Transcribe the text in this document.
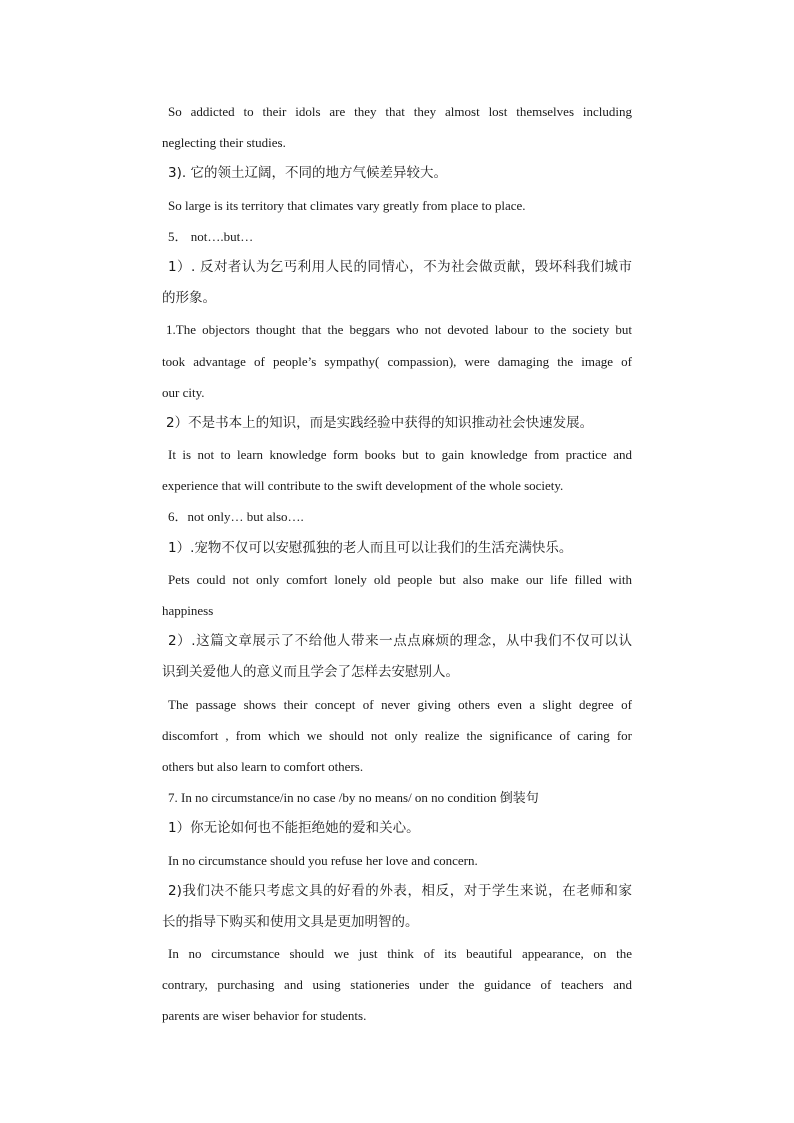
So addicted to their idols are they that they almost lost themselves including
neglecting their studies.
3). 它的领土辽阔，不同的地方气候差异较大。
So large is its territory that climates vary greatly from place to place.
5． not….but…
1）. 反对者认为乞丐利用人民的同情心，不为社会做贡献，毁坏科我们城市
的形象。
1.The objectors thought that the beggars who not devoted labour to the society but
took advantage of people’s sympathy( compassion), were damaging the image of
our city.
2）不是书本上的知识，而是实践经验中获得的知识推动社会快速发展。
It is not to learn knowledge form books but to gain knowledge from practice and
experience that will contribute to the swift development of the whole society.
6．not only… but also….
1）.宠物不仅可以安慰孤独的老人而且可以让我们的生活充满快乐。
Pets could not only comfort lonely old people but also make our life filled with
happiness
2）.这篇文章展示了不给他人带来一点点麻烦的理念，从中我们不仅可以认
识到关爱他人的意义而且学会了怎样去安慰别人。
The passage shows their concept of never giving others even a slight degree of
discomfort , from which we should not only realize the significance of caring for
others but also learn to comfort others.
7. In no circumstance/in no case /by no means/ on no condition 倒装句
1）你无论如何也不能拒绝她的爱和关心。
In no circumstance should you refuse her love and concern.
2)我们决不能只考虑文具的好看的外表，相反，对于学生来说，在老师和家
长的指导下购买和使用文具是更加明智的。
In no circumstance should we just think of its beautiful appearance, on the
contrary, purchasing and using stationeries under the guidance of teachers and
parents are wiser behavior for students.
